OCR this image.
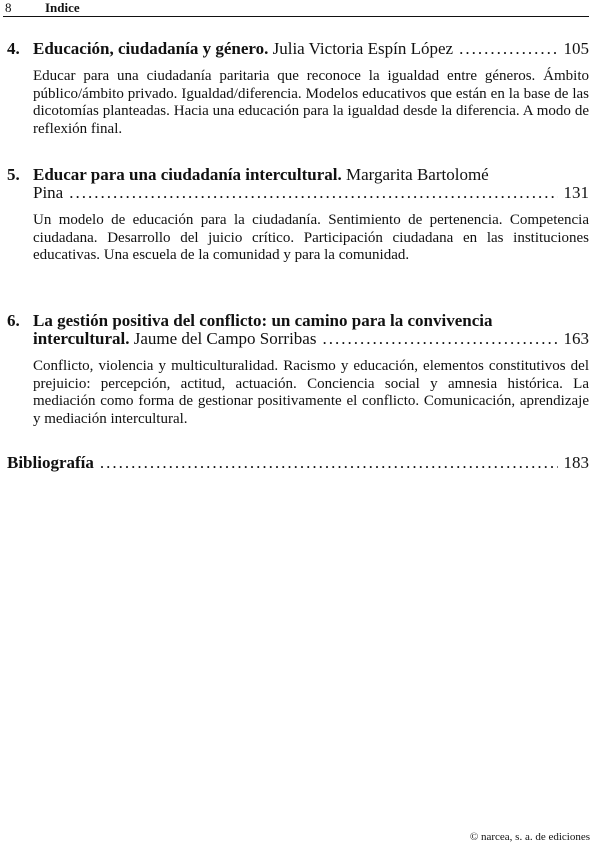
8	Indice
4. Educación, ciudadanía y género. Julia Victoria Espín López .....	105
Educar para una ciudadanía paritaria que reconoce la igualdad entre géneros. Ámbito público/ámbito privado. Igualdad/diferencia. Modelos educativos que están en la base de las dicotomías planteadas. Hacia una educación para la igualdad desde la diferencia. A modo de reflexión final.
5. Educar para una ciudadanía intercultural. Margarita Bartolomé
Pina .....	131
Un modelo de educación para la ciudadanía. Sentimiento de pertenencia. Competencia ciudadana. Desarrollo del juicio crítico. Participación ciudadana en las instituciones educativas. Una escuela de la comunidad y para la comunidad.
6. La gestión positiva del conflicto: un camino para la convivencia
intercultural. Jaume del Campo Sorribas .....	163
Conflicto, violencia y multiculturalidad. Racismo y educación, elementos constitutivos del prejuicio: percepción, actitud, actuación. Conciencia social y amnesia histórica. La mediación como forma de gestionar positivamente el conflicto. Comunicación, aprendizaje y mediación intercultural.
Bibliografía .....	183
© narcea, s. a. de ediciones
